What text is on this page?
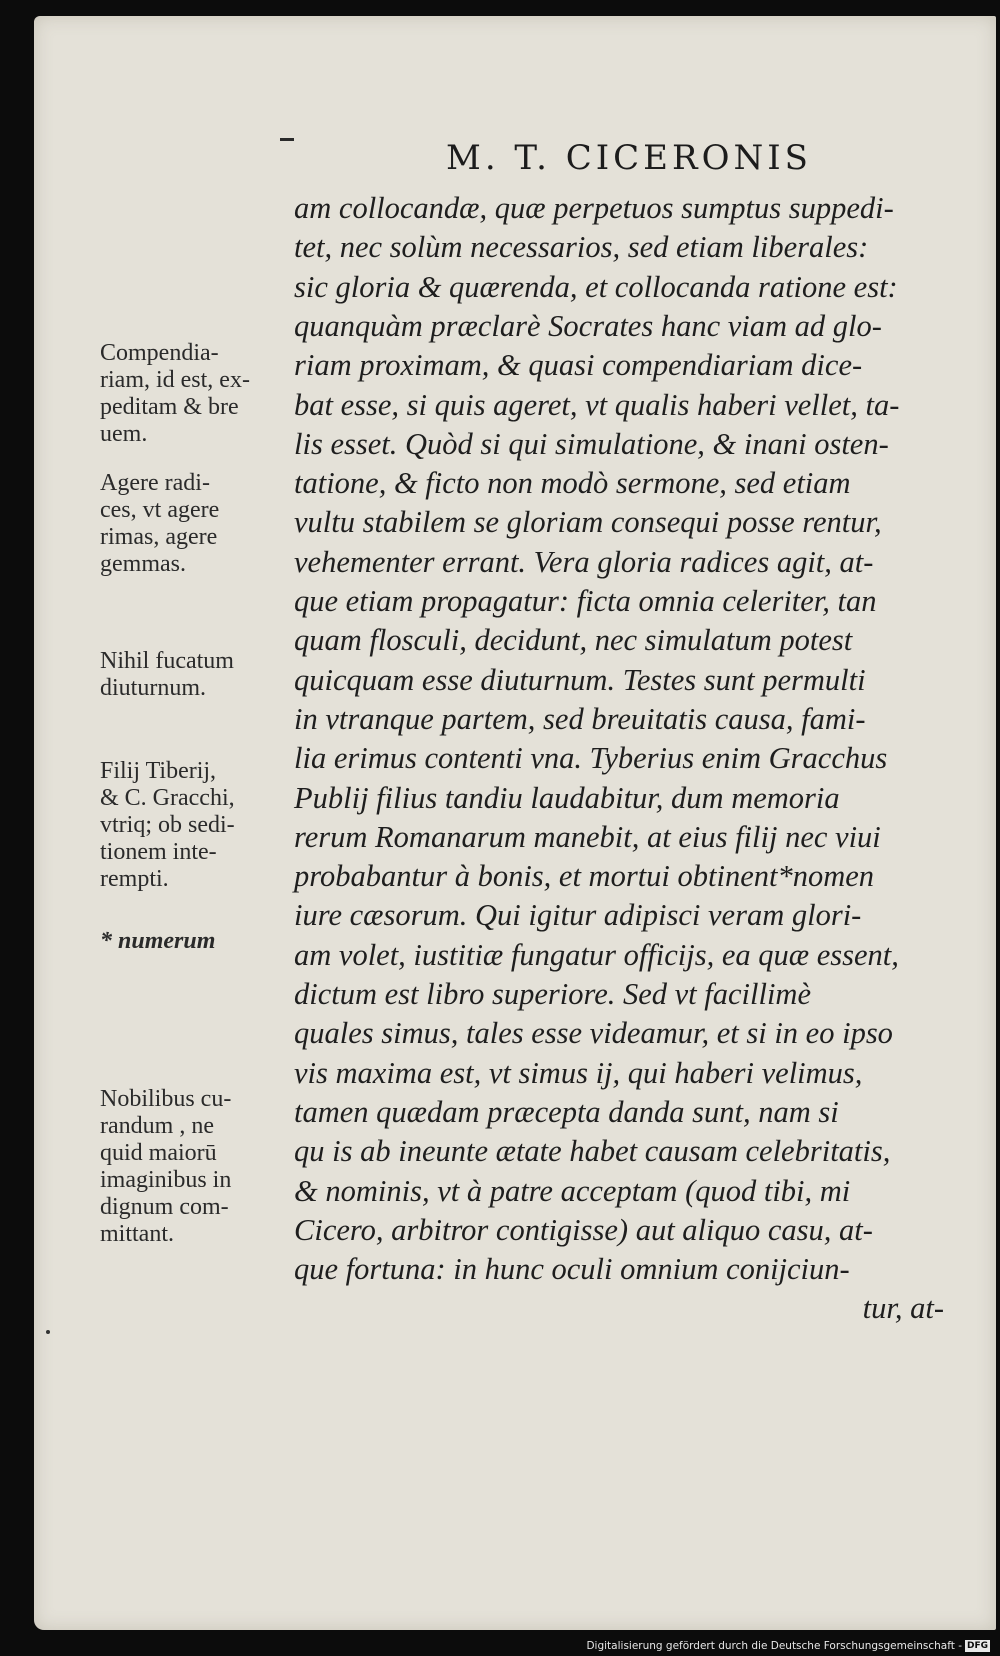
M. T. CICERONIS
am collocandæ, quæ perpetuos sumptus suppedi-
tet, nec solùm necessarios, sed etiam liberales:
sic gloria & quærenda, et collocanda ratione est:
quanquàm præclarè Socrates hanc viam ad glo-
riam proximam, & quasi compendiariam dice-
bat esse, si quis ageret, vt qualis haberi vellet, ta-
lis esset. Quòd si qui simulatione, & inani osten-
tatione, & ficto non modò sermone, sed etiam
vultu stabilem se gloriam consequi posse rentur,
vehementer errant. Vera gloria radices agit, at-
que etiam propagatur: ficta omnia celeriter, tan
quam flosculi, decidunt, nec simulatum potest
quicquam esse diuturnum. Testes sunt permulti
in vtranque partem, sed breuitatis causa, fami-
lia erimus contenti vna. Tyberius enim Gracchus
Publij filius tandiu laudabitur, dum memoria
rerum Romanarum manebit, at eius filij nec viui
probabantur à bonis, et mortui obtinent*nomen
iure cæsorum. Qui igitur adipisci veram glori-
am volet, iustitiæ fungatur officijs, ea quæ essent,
dictum est libro superiore. Sed vt facillimè
quales simus, tales esse videamur, et si in eo ipso
vis maxima est, vt simus ij, qui haberi velimus,
tamen quædam præcepta danda sunt, nam si
qu is ab ineunte ætate habet causam celebritatis,
& nominis, vt à patre acceptam (quod tibi, mi
Cicero, arbitror contigisse) aut aliquo casu, at-
que fortuna: in hunc oculi omnium conijciun-
tur, at-
Compendia-
riam, id est, ex-
peditam & bre
uem.
Agere radi-
ces, vt agere
rimas, agere
gemmas.
Nihil fucatum
diuturnum.
Filij Tiberij,
& C. Gracchi,
vtriq; ob sedi-
tionem inte-
rempti.
* numerum
Nobilibus cu-
randum , ne
quid maiorū
imaginibus in
dignum com-
mittant.
Digitalisierung gefördert durch die Deutsche Forschungsgemeinschaft - DFG
